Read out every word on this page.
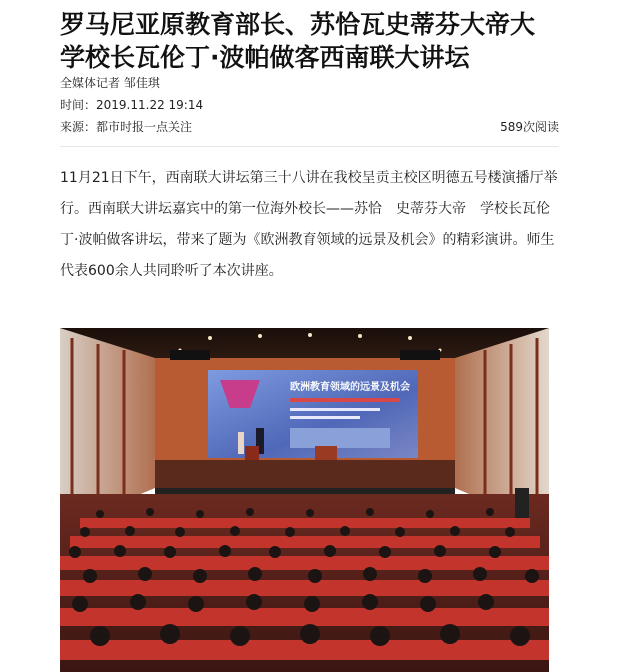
罗马尼亚原教育部长、苏恰瓦史蒂芬大帝大学校长瓦伦丁·波帕做客西南联大讲坛
全媒体记者 邹佳琪
时间：2019.11.22 19:14
来源：都市时报一点关注	589次阅读

11月21日下午，西南联大讲坛第三十八讲在我校呈贡主校区明德五号楼演播厅举行。西南联大讲坛嘉宾中的第一位海外校长——苏恰　史蒂芬大帝　学校长瓦伦丁·波帕做客讲坛，带来了题为《欧洲教育领域的远景及机会》的精彩演讲。师生代表600余人共同聆听了本次讲座。

欧洲教育领域的远景及机会
